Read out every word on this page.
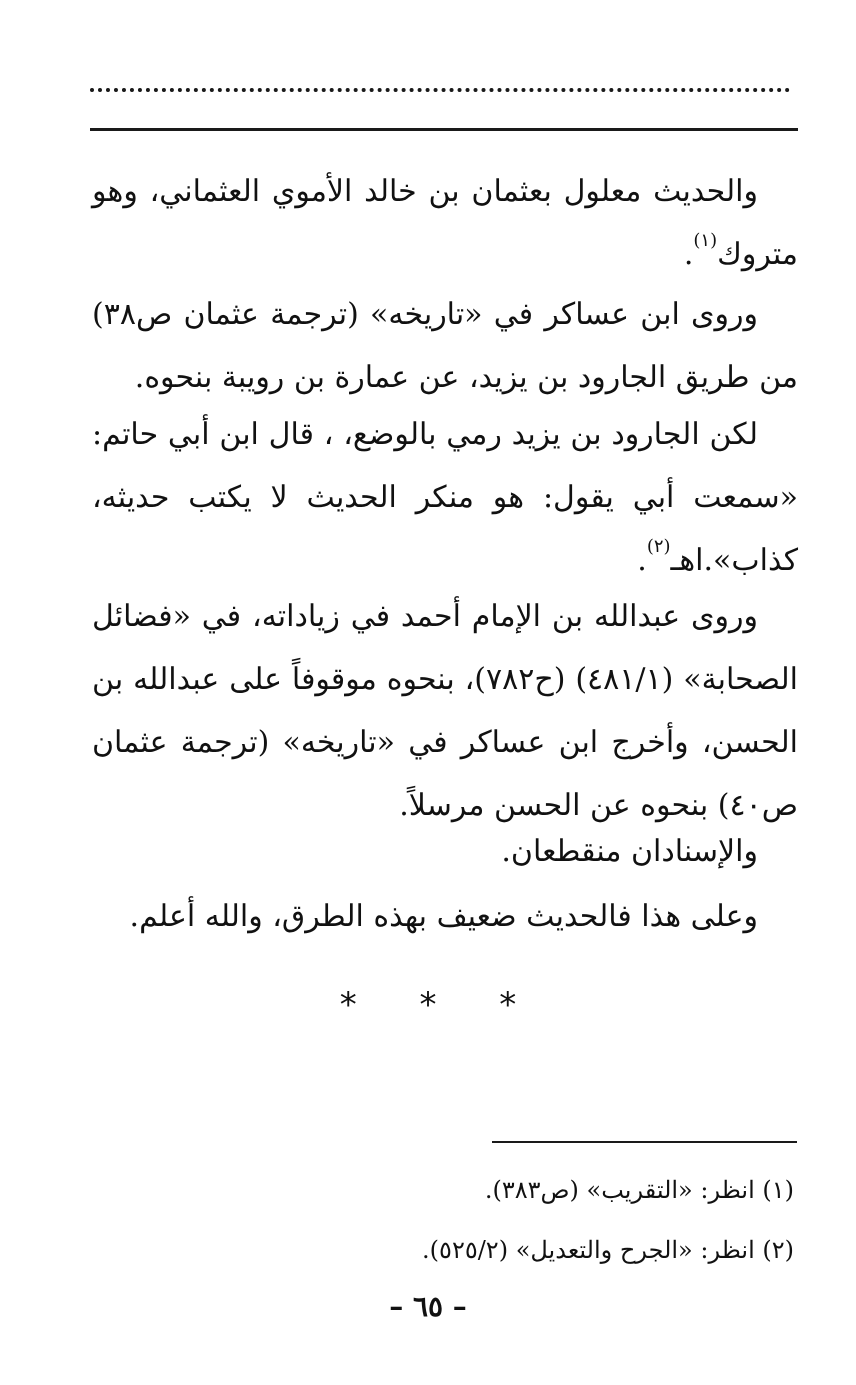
والحديث معلول بعثمان بن خالد الأموي العثماني، وهو متروك$^{(١)}$.

وروى ابن عساكر في «تاريخه» (ترجمة عثمان ص٣٨) من طريق الجارود بن يزيد، عن عمارة بن رويبة بنحوه.

لكن الجارود بن يزيد رمي بالوضع، ، قال ابن أبي حاتم: «سمعت أبي يقول: هو منكر الحديث لا يكتب حديثه، كذاب».اهـ$^{(٢)}$.

وروى عبدالله بن الإمام أحمد في زياداته، في «فضائل الصحابة» (٤٨١/١) (ح٧٨٢)، بنحوه موقوفاً على عبدالله بن الحسن، وأخرج ابن عساكر في «تاريخه» (ترجمة عثمان ص٤٠) بنحوه عن الحسن مرسلاً.

والإسنادان منقطعان.

وعلى هذا فالحديث ضعيف بهذه الطرق، والله أعلم.

* * *
(١) انظر: «التقريب» (ص٣٨٣).
(٢) انظر: «الجرح والتعديل» (٥٢٥/٢).
– ٦٥ –
